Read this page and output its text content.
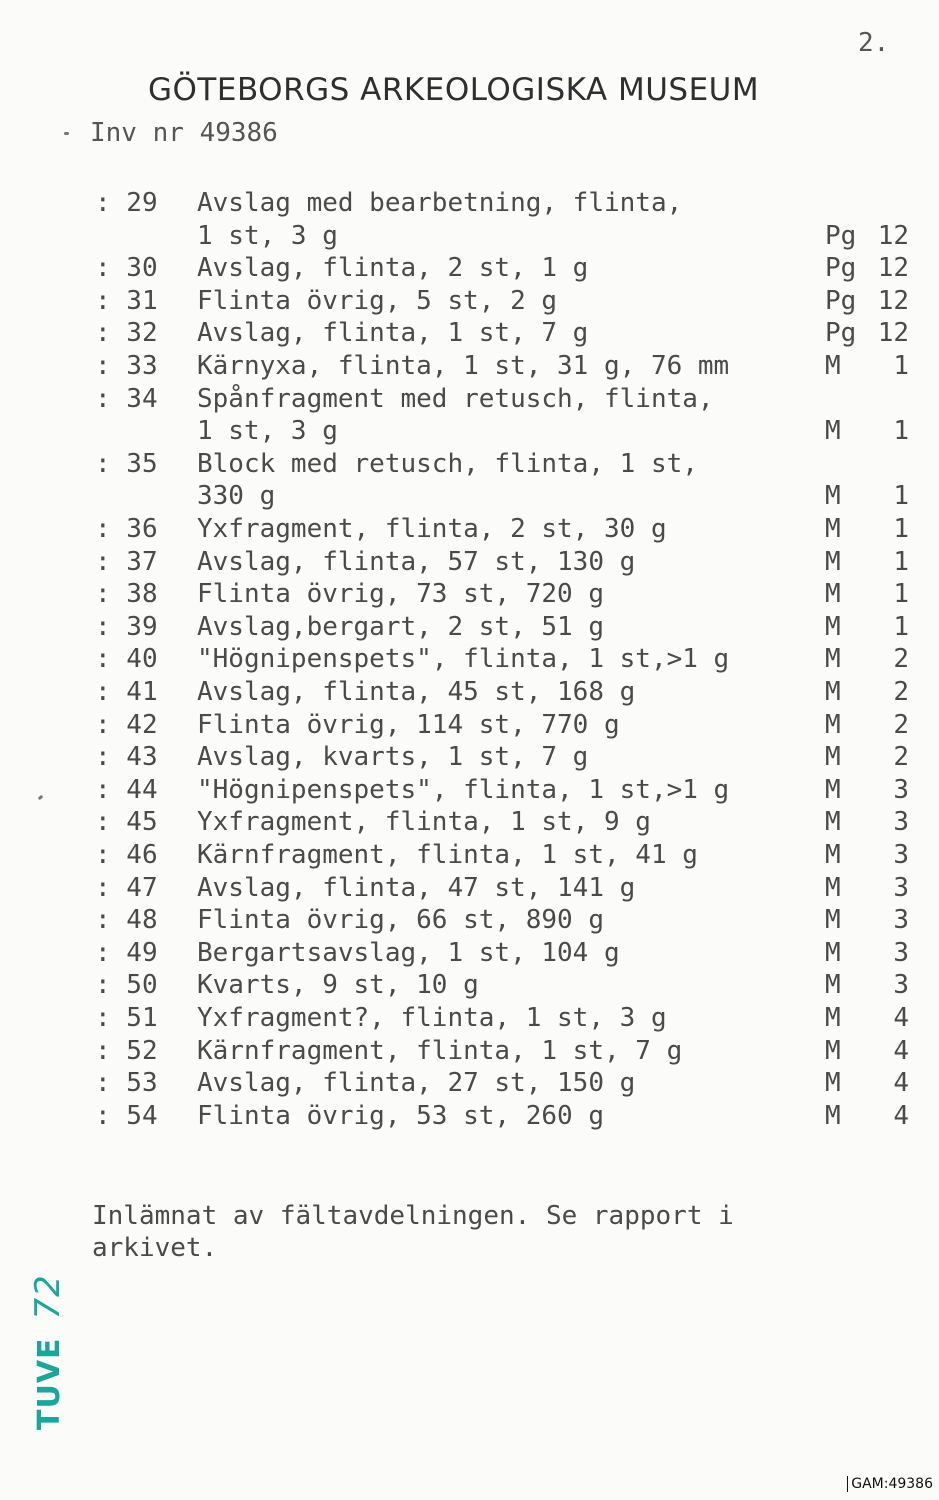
2.
GÖTEBORGS ARKEOLOGISKA MUSEUM
Inv nr 49386
: 29 Avslag med bearbetning, flinta,
1 st, 3 g	Pg 12
: 30 Avslag, flinta, 2 st, 1 g	Pg 12
: 31 Flinta övrig, 5 st, 2 g	Pg 12
: 32 Avslag, flinta, 1 st, 7 g	Pg 12
: 33 Kärnyxa, flinta, 1 st, 31 g, 76 mm	M 1
: 34 Spånfragment med retusch, flinta,
1 st, 3 g	M 1
: 35 Block med retusch, flinta, 1 st,
330 g	M 1
: 36 Yxfragment, flinta, 2 st, 30 g	M 1
: 37 Avslag, flinta, 57 st, 130 g	M 1
: 38 Flinta övrig, 73 st, 720 g	M 1
: 39 Avslag,bergart, 2 st, 51 g	M 1
: 40 "Högnipenspets", flinta, 1 st,>1 g	M 2
: 41 Avslag, flinta, 45 st, 168 g	M 2
: 42 Flinta övrig, 114 st, 770 g	M 2
: 43 Avslag, kvarts, 1 st, 7 g	M 2
: 44 "Högnipenspets", flinta, 1 st,>1 g	M 3
: 45 Yxfragment, flinta, 1 st, 9 g	M 3
: 46 Kärnfragment, flinta, 1 st, 41 g	M 3
: 47 Avslag, flinta, 47 st, 141 g	M 3
: 48 Flinta övrig, 66 st, 890 g	M 3
: 49 Bergartsavslag, 1 st, 104 g	M 3
: 50 Kvarts, 9 st, 10 g	M 3
: 51 Yxfragment?, flinta, 1 st, 3 g	M 4
: 52 Kärnfragment, flinta, 1 st, 7 g	M 4
: 53 Avslag, flinta, 27 st, 150 g	M 4
: 54 Flinta övrig, 53 st, 260 g	M 4
Inlämnat av fältavdelningen. Se rapport i
arkivet.
TUVE72
GAM:49386
